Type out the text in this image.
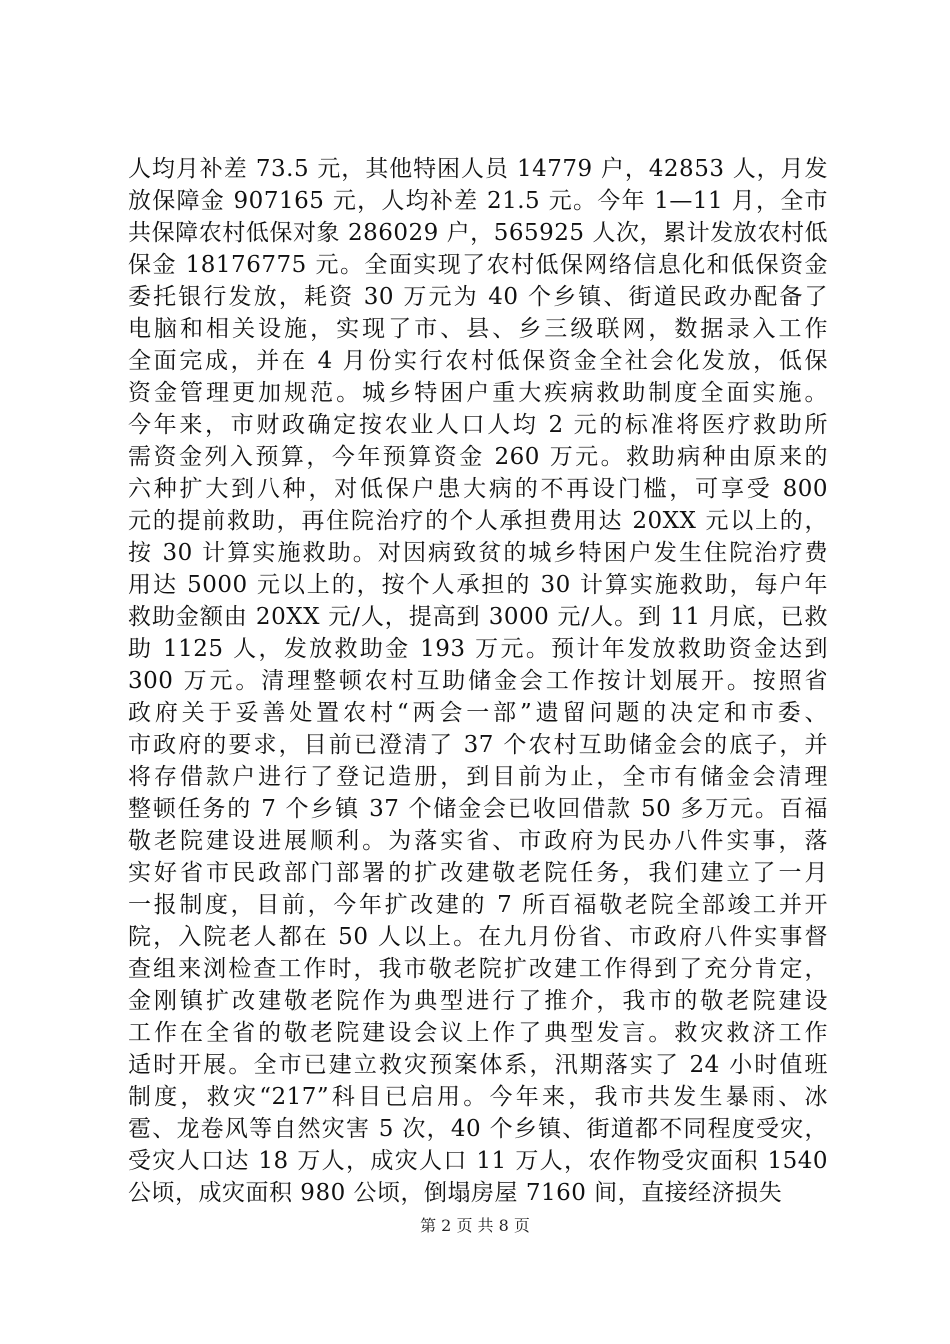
人均月补差 73.5 元，其他特困人员 14779 户，42853 人，月发
放保障金 907165 元，人均补差 21.5 元。今年 1—11 月，全市
共保障农村低保对象 286029 户，565925 人次，累计发放农村低
保金 18176775 元。全面实现了农村低保网络信息化和低保资金
委托银行发放，耗资 30 万元为 40 个乡镇、街道民政办配备了
电脑和相关设施，实现了市、县、乡三级联网，数据录入工作
全面完成，并在 4 月份实行农村低保资金全社会化发放，低保
资金管理更加规范。城乡特困户重大疾病救助制度全面实施。
今年来，市财政确定按农业人口人均 2 元的标准将医疗救助所
需资金列入预算，今年预算资金 260 万元。救助病种由原来的
六种扩大到八种，对低保户患大病的不再设门槛，可享受 800
元的提前救助，再住院治疗的个人承担费用达 20XX 元以上的，
按 30 计算实施救助。对因病致贫的城乡特困户发生住院治疗费
用达 5000 元以上的，按个人承担的 30 计算实施救助，每户年
救助金额由 20XX 元/人，提高到 3000 元/人。到 11 月底，已救
助 1125 人，发放救助金 193 万元。预计年发放救助资金达到
300 万元。清理整顿农村互助储金会工作按计划展开。按照省
政府关于妥善处置农村“两会一部”遗留问题的决定和市委、
市政府的要求，目前已澄清了 37 个农村互助储金会的底子，并
将存借款户进行了登记造册，到目前为止，全市有储金会清理
整顿任务的 7 个乡镇 37 个储金会已收回借款 50 多万元。百福
敬老院建设进展顺利。为落实省、市政府为民办八件实事，落
实好省市民政部门部署的扩改建敬老院任务，我们建立了一月
一报制度，目前，今年扩改建的 7 所百福敬老院全部竣工并开
院，入院老人都在 50 人以上。在九月份省、市政府八件实事督
查组来浏检查工作时，我市敬老院扩改建工作得到了充分肯定，
金刚镇扩改建敬老院作为典型进行了推介，我市的敬老院建设
工作在全省的敬老院建设会议上作了典型发言。救灾救济工作
适时开展。全市已建立救灾预案体系，汛期落实了 24 小时值班
制度，救灾“217”科目已启用。今年来，我市共发生暴雨、冰
雹、龙卷风等自然灾害 5 次，40 个乡镇、街道都不同程度受灾，
受灾人口达 18 万人，成灾人口 11 万人，农作物受灾面积 1540
公顷，成灾面积 980 公顷，倒塌房屋 7160 间，直接经济损失
第 2 页 共 8 页
